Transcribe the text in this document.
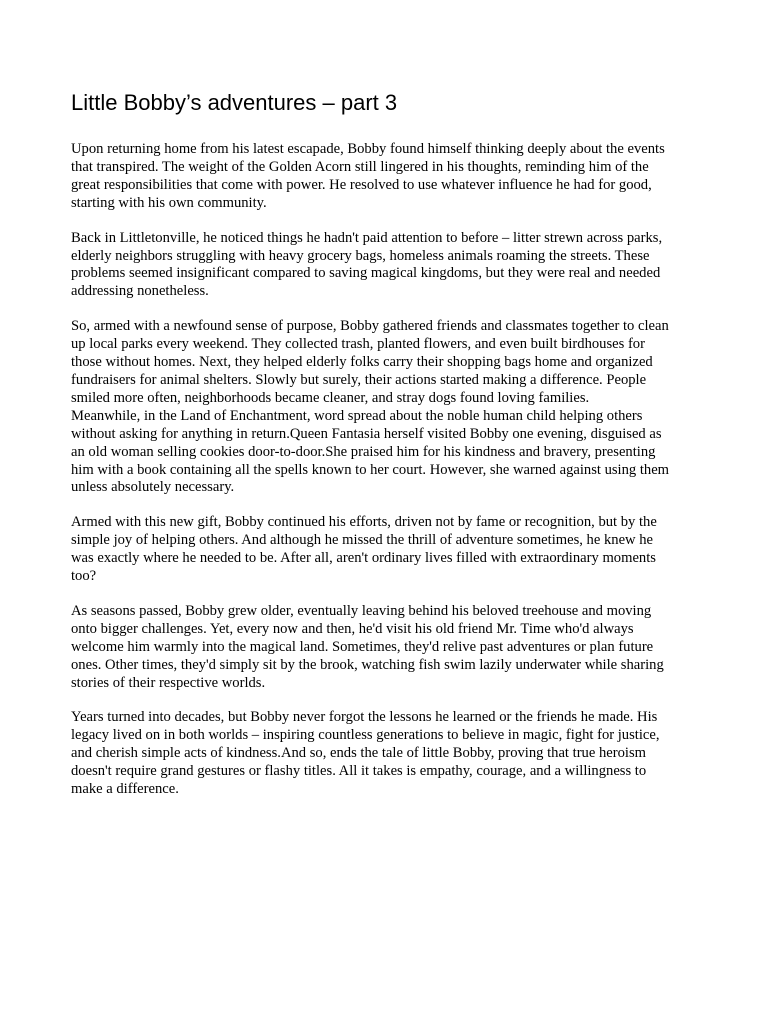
Little Bobby’s adventures – part 3

Upon returning home from his latest escapade, Bobby found himself thinking deeply about the events
that transpired. The weight of the Golden Acorn still lingered in his thoughts, reminding him of the
great responsibilities that come with power. He resolved to use whatever influence he had for good,
starting with his own community.

Back in Littletonville, he noticed things he hadn't paid attention to before – litter strewn across parks,
elderly neighbors struggling with heavy grocery bags, homeless animals roaming the streets. These
problems seemed insignificant compared to saving magical kingdoms, but they were real and needed
addressing nonetheless.

So, armed with a newfound sense of purpose, Bobby gathered friends and classmates together to clean
up local parks every weekend. They collected trash, planted flowers, and even built birdhouses for
those without homes. Next, they helped elderly folks carry their shopping bags home and organized
fundraisers for animal shelters. Slowly but surely, their actions started making a difference. People
smiled more often, neighborhoods became cleaner, and stray dogs found loving families.
Meanwhile, in the Land of Enchantment, word spread about the noble human child helping others
without asking for anything in return.Queen Fantasia herself visited Bobby one evening, disguised as
an old woman selling cookies door-to-door.She praised him for his kindness and bravery, presenting
him with a book containing all the spells known to her court. However, she warned against using them
unless absolutely necessary.

Armed with this new gift, Bobby continued his efforts, driven not by fame or recognition, but by the
simple joy of helping others. And although he missed the thrill of adventure sometimes, he knew he
was exactly where he needed to be. After all, aren't ordinary lives filled with extraordinary moments
too?

As seasons passed, Bobby grew older, eventually leaving behind his beloved treehouse and moving
onto bigger challenges. Yet, every now and then, he'd visit his old friend Mr. Time who'd always
welcome him warmly into the magical land. Sometimes, they'd relive past adventures or plan future
ones. Other times, they'd simply sit by the brook, watching fish swim lazily underwater while sharing
stories of their respective worlds.

Years turned into decades, but Bobby never forgot the lessons he learned or the friends he made. His
legacy lived on in both worlds – inspiring countless generations to believe in magic, fight for justice,
and cherish simple acts of kindness.And so, ends the tale of little Bobby, proving that true heroism
doesn't require grand gestures or flashy titles. All it takes is empathy, courage, and a willingness to
make a difference.
